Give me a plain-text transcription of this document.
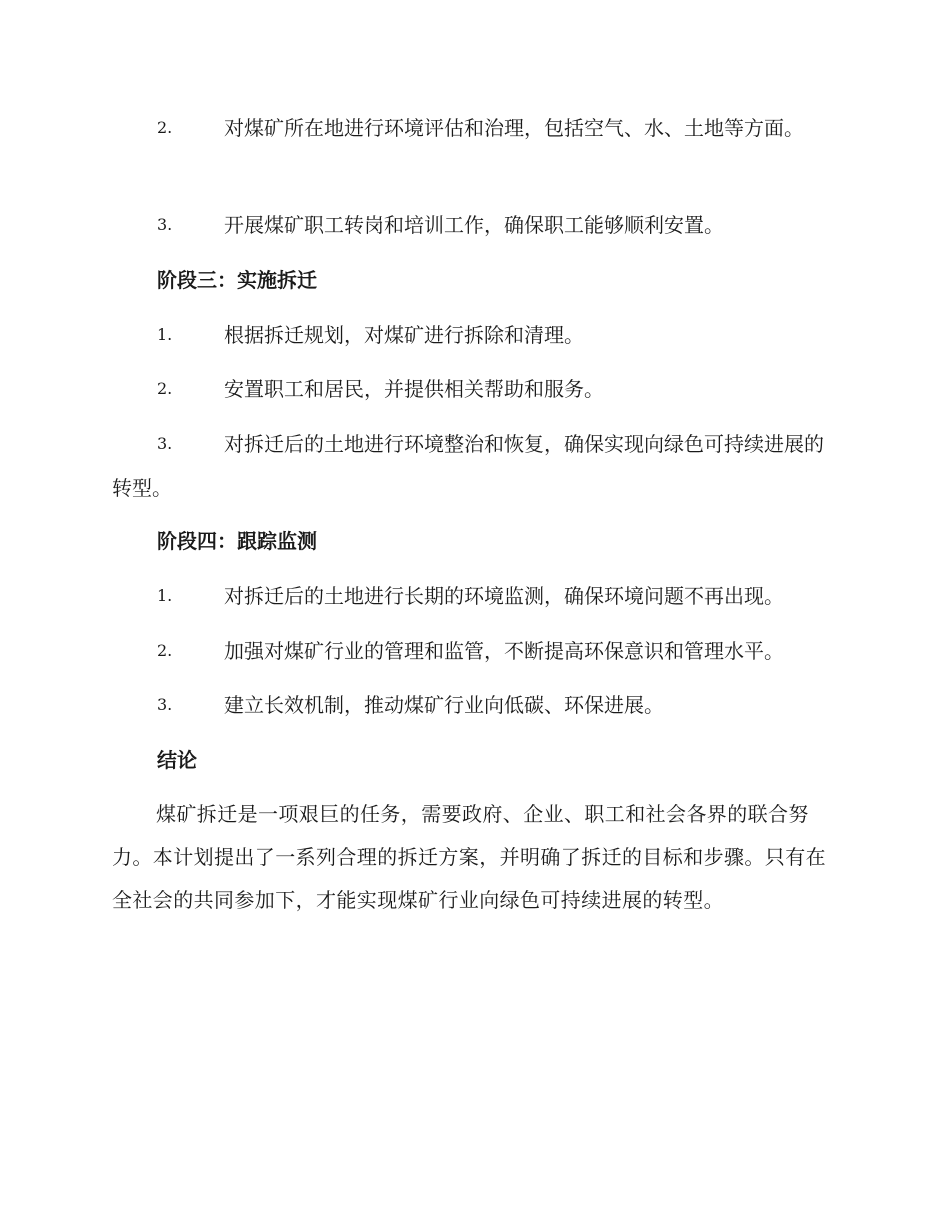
2.	对煤矿所在地进行环境评估和治理，包括空气、水、土地等方面。
3.	开展煤矿职工转岗和培训工作，确保职工能够顺利安置。
阶段三：实施拆迁
1.	根据拆迁规划，对煤矿进行拆除和清理。
2.	安置职工和居民，并提供相关帮助和服务。
3.	对拆迁后的土地进行环境整治和恢复，确保实现向绿色可持续进展的转型。
阶段四：跟踪监测
1.	对拆迁后的土地进行长期的环境监测，确保环境问题不再出现。
2.	加强对煤矿行业的管理和监管，不断提高环保意识和管理水平。
3.	建立长效机制，推动煤矿行业向低碳、环保进展。
结论
煤矿拆迁是一项艰巨的任务，需要政府、企业、职工和社会各界的联合努力。本计划提出了一系列合理的拆迁方案，并明确了拆迁的目标和步骤。只有在全社会的共同参加下，才能实现煤矿行业向绿色可持续进展的转型。
